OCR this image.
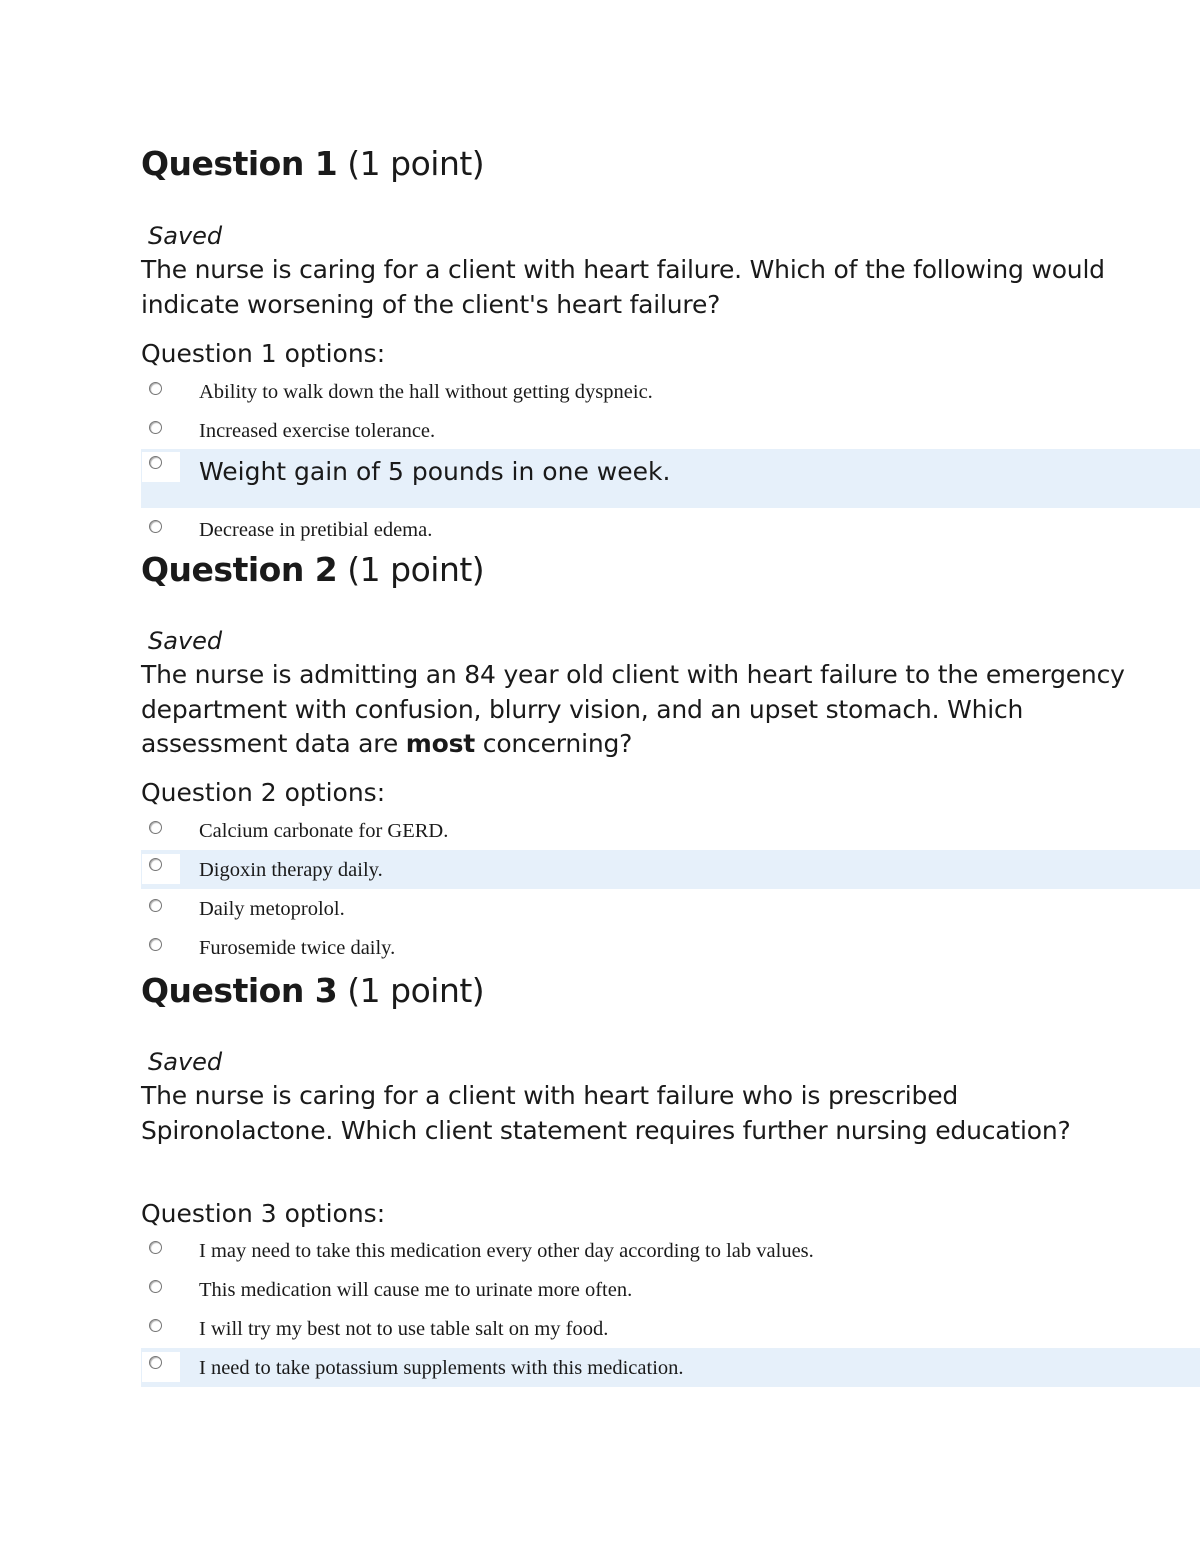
Question 1 (1 point)
Saved
The nurse is caring for a client with heart failure. Which of the following would indicate worsening of the client's heart failure?
Question 1 options:
Ability to walk down the hall without getting dyspneic.
Increased exercise tolerance.
Weight gain of 5 pounds in one week.
Decrease in pretibial edema.
Question 2 (1 point)
Saved
The nurse is admitting an 84 year old client with heart failure to the emergency department with confusion, blurry vision, and an upset stomach. Which assessment data are most concerning?
Question 2 options:
Calcium carbonate for GERD.
Digoxin therapy daily.
Daily metoprolol.
Furosemide twice daily.
Question 3 (1 point)
Saved
The nurse is caring for a client with heart failure who is prescribed Spironolactone. Which client statement requires further nursing education?
Question 3 options:
I may need to take this medication every other day according to lab values.
This medication will cause me to urinate more often.
I will try my best not to use table salt on my food.
I need to take potassium supplements with this medication.
